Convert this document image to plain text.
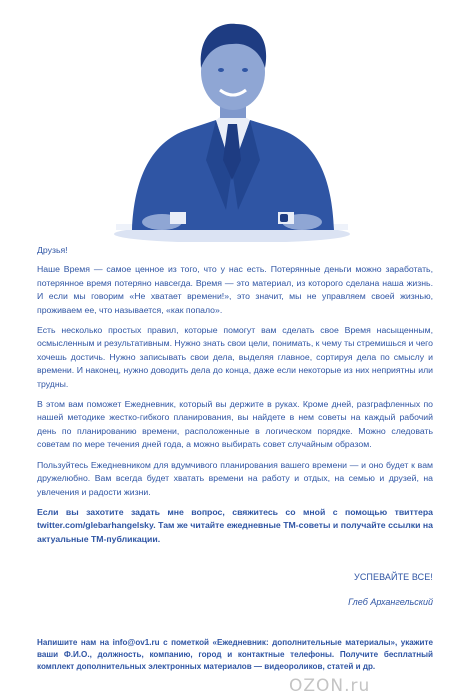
Друзья!

Наше Время — самое ценное из того, что у нас есть. Потерянные деньги можно заработать, потерянное время потеряно навсегда. Время — это материал, из которого сделана наша жизнь. И если мы говорим «Не хватает времени!», это значит, мы не управляем своей жизнью, проживаем ее, что называется, «как попало».

Есть несколько простых правил, которые помогут вам сделать свое Время насыщенным, осмысленным и результативным. Нужно знать свои цели, понимать, к чему ты стремишься и чего хочешь достичь. Нужно записывать свои дела, выделяя главное, сортируя дела по смыслу и времени. И наконец, нужно доводить дела до конца, даже если некоторые из них неприятны или трудны.

В этом вам поможет Ежедневник, который вы держите в руках. Кроме дней, разграфленных по нашей методике жестко-гибкого планирования, вы найдете в нем советы на каждый рабочий день по планированию времени, расположенные в логическом порядке. Можно следовать советам по мере течения дней года, а можно выбирать совет случайным образом.

Пользуйтесь Ежедневником для вдумчивого планирования вашего времени — и оно будет к вам дружелюбно. Вам всегда будет хватать времени на работу и отдых, на семью и друзей, на увлечения и радости жизни.

Если вы захотите задать мне вопрос, свяжитесь со мной с помощью твиттера twitter.com/glebarhangelsky. Там же читайте ежедневные ТМ-советы и получайте ссылки на актуальные ТМ-публикации.

УСПЕВАЙТЕ ВСЕ!
Глеб Архангельский
Напишите нам на info@ov1.ru с пометкой «Ежедневник: дополнительные материалы», укажите ваши Ф.И.О., должность, компанию, город и контактные телефоны. Получите бесплатный комплект дополнительных электронных материалов — видеороликов, статей и др.
OZON.ru
